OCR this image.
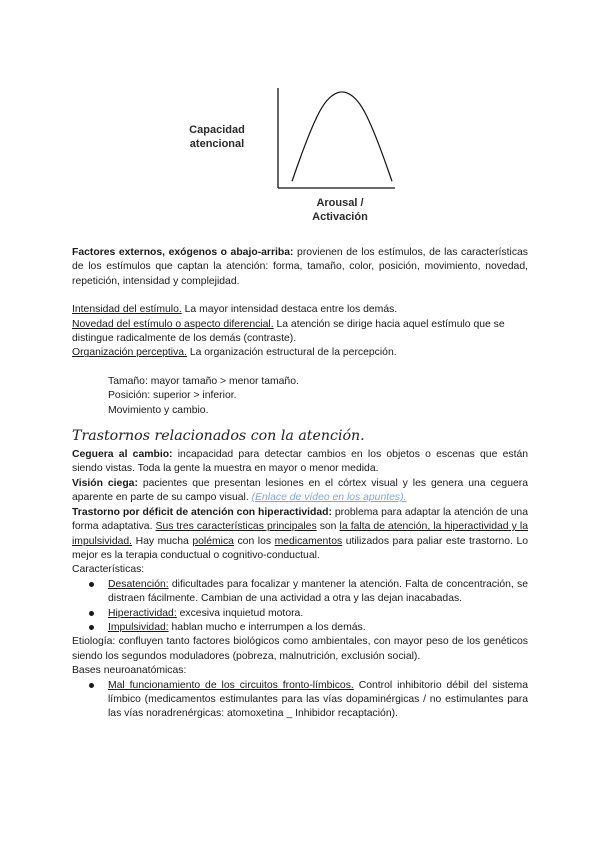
Capacidad
atencional
Arousal /
Activación

Factores externos, exógenos o abajo-arriba: provienen de los estímulos, de las características de los estímulos que captan la atención: forma, tamaño, color, posición, movimiento, novedad, repetición, intensidad y complejidad.

Intensidad del estímulo. La mayor intensidad destaca entre los demás.

Novedad del estímulo o aspecto diferencial. La atención se dirige hacia aquel estímulo que se distingue radicalmente de los demás (contraste).

Organización perceptiva. La organización estructural de la percepción.

Tamaño: mayor tamaño > menor tamaño.

Posición: superior > inferior.

Movimiento y cambio.

Trastornos relacionados con la atención.

Ceguera al cambio: incapacidad para detectar cambios en los objetos o escenas que están siendo vistas. Toda la gente la muestra en mayor o menor medida.

Visión ciega: pacientes que presentan lesiones en el córtex visual y les genera una ceguera aparente en parte de su campo visual. (Enlace de vídeo en los apuntes).

Trastorno por déficit de atención con hiperactividad: problema para adaptar la atención de una forma adaptativa. Sus tres características principales son la falta de atención, la hiperactividad y la impulsividad. Hay mucha polémica con los medicamentos utilizados para paliar este trastorno. Lo mejor es la terapia conductual o cognitivo-conductual.

Características:

Desatención: dificultades para focalizar y mantener la atención. Falta de concentración, se distraen fácilmente. Cambian de una actividad a otra y las dejan inacabadas.
Hiperactividad: excesiva inquietud motora.
Impulsividad: hablan mucho e interrumpen a los demás.

Etiología: confluyen tanto factores biológicos como ambientales, con mayor peso de los genéticos siendo los segundos moduladores (pobreza, malnutrición, exclusión social).

Bases neuroanatómicas:

Mal funcionamiento de los circuitos fronto-límbicos. Control inhibitorio débil del sistema límbico (medicamentos estimulantes para las vías dopaminérgicas / no estimulantes para las vías noradrenérgicas: atomoxetina _ Inhibidor recaptación).
